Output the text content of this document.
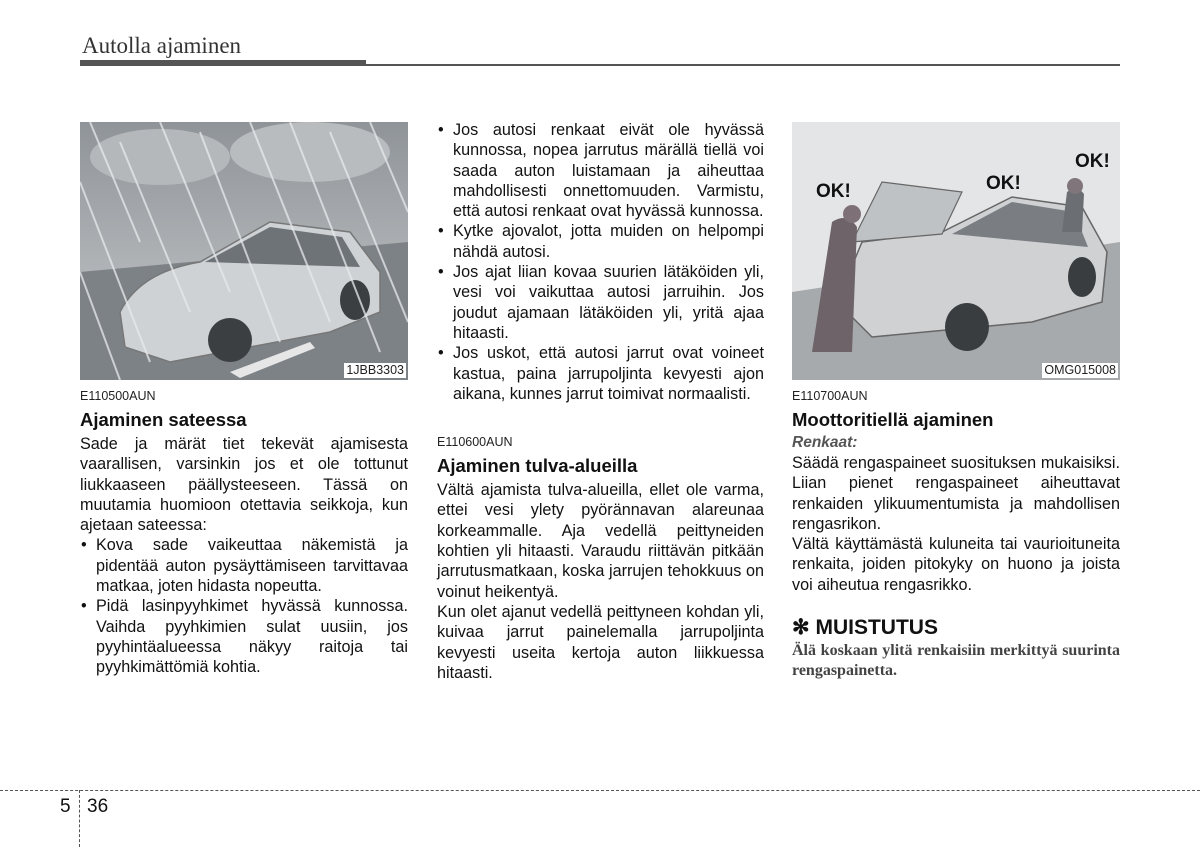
Autolla ajaminen
1JBB3303
E110500AUN
Ajaminen sateessa

Sade ja märät tiet tekevät ajamisesta vaarallisen, varsinkin jos et ole tottunut liukkaaseen päällysteeseen. Tässä on muutamia huomioon otettavia seikkoja, kun ajetaan sateessa:

• Kova sade vaikeuttaa näkemistä ja pidentää auton pysäyttämiseen tarvittavaa matkaa, joten hidasta nopeutta.
• Pidä lasinpyyhkimet hyvässä kunnossa. Vaihda pyyhkimien sulat uusiin, jos pyyhintäalueessa näkyy raitoja tai pyyhkimättömiä kohtia.
• Jos autosi renkaat eivät ole hyvässä kunnossa, nopea jarrutus märällä tiellä voi saada auton luistamaan ja aiheuttaa mahdollisesti onnettomuuden. Varmistu, että autosi renkaat ovat hyvässä kunnossa.
• Kytke ajovalot, jotta muiden on helpompi nähdä autosi.
• Jos ajat liian kovaa suurien lätäköiden yli, vesi voi vaikuttaa autosi jarruihin. Jos joudut ajamaan lätäköiden yli, yritä ajaa hitaasti.
• Jos uskot, että autosi jarrut ovat voineet kastua, paina jarrupoljinta kevyesti ajon aikana, kunnes jarrut toimivat normaalisti.
E110600AUN
Ajaminen tulva-alueilla

Vältä ajamista tulva-alueilla, ellet ole varma, ettei vesi ylety pyörännavan alareunaa korkeammalle. Aja vedellä peittyneiden kohtien yli hitaasti. Varaudu riittävän pitkään jarrutusmatkaan, koska jarrujen tehokkuus on voinut heikentyä.

Kun olet ajanut vedellä peittyneen kohdan yli, kuivaa jarrut painelemalla jarrupoljinta kevyesti useita kertoja auton liikkuessa hitaasti.

OK!	OK!
OK!
OMG015008
E110700AUN
Moottoritiellä ajaminen
Renkaat:

Säädä rengaspaineet suosituksen mukaisiksi. Liian pienet rengaspaineet aiheuttavat renkaiden ylikuumentumista ja mahdollisen rengasrikon.

Vältä käyttämästä kuluneita tai vaurioituneita renkaita, joiden pitokyky on huono ja joista voi aiheutua rengasrikko.

✻ MUISTUTUS

Älä koskaan ylitä renkaisiin merkittyä suurinta rengaspainetta.

5 36
